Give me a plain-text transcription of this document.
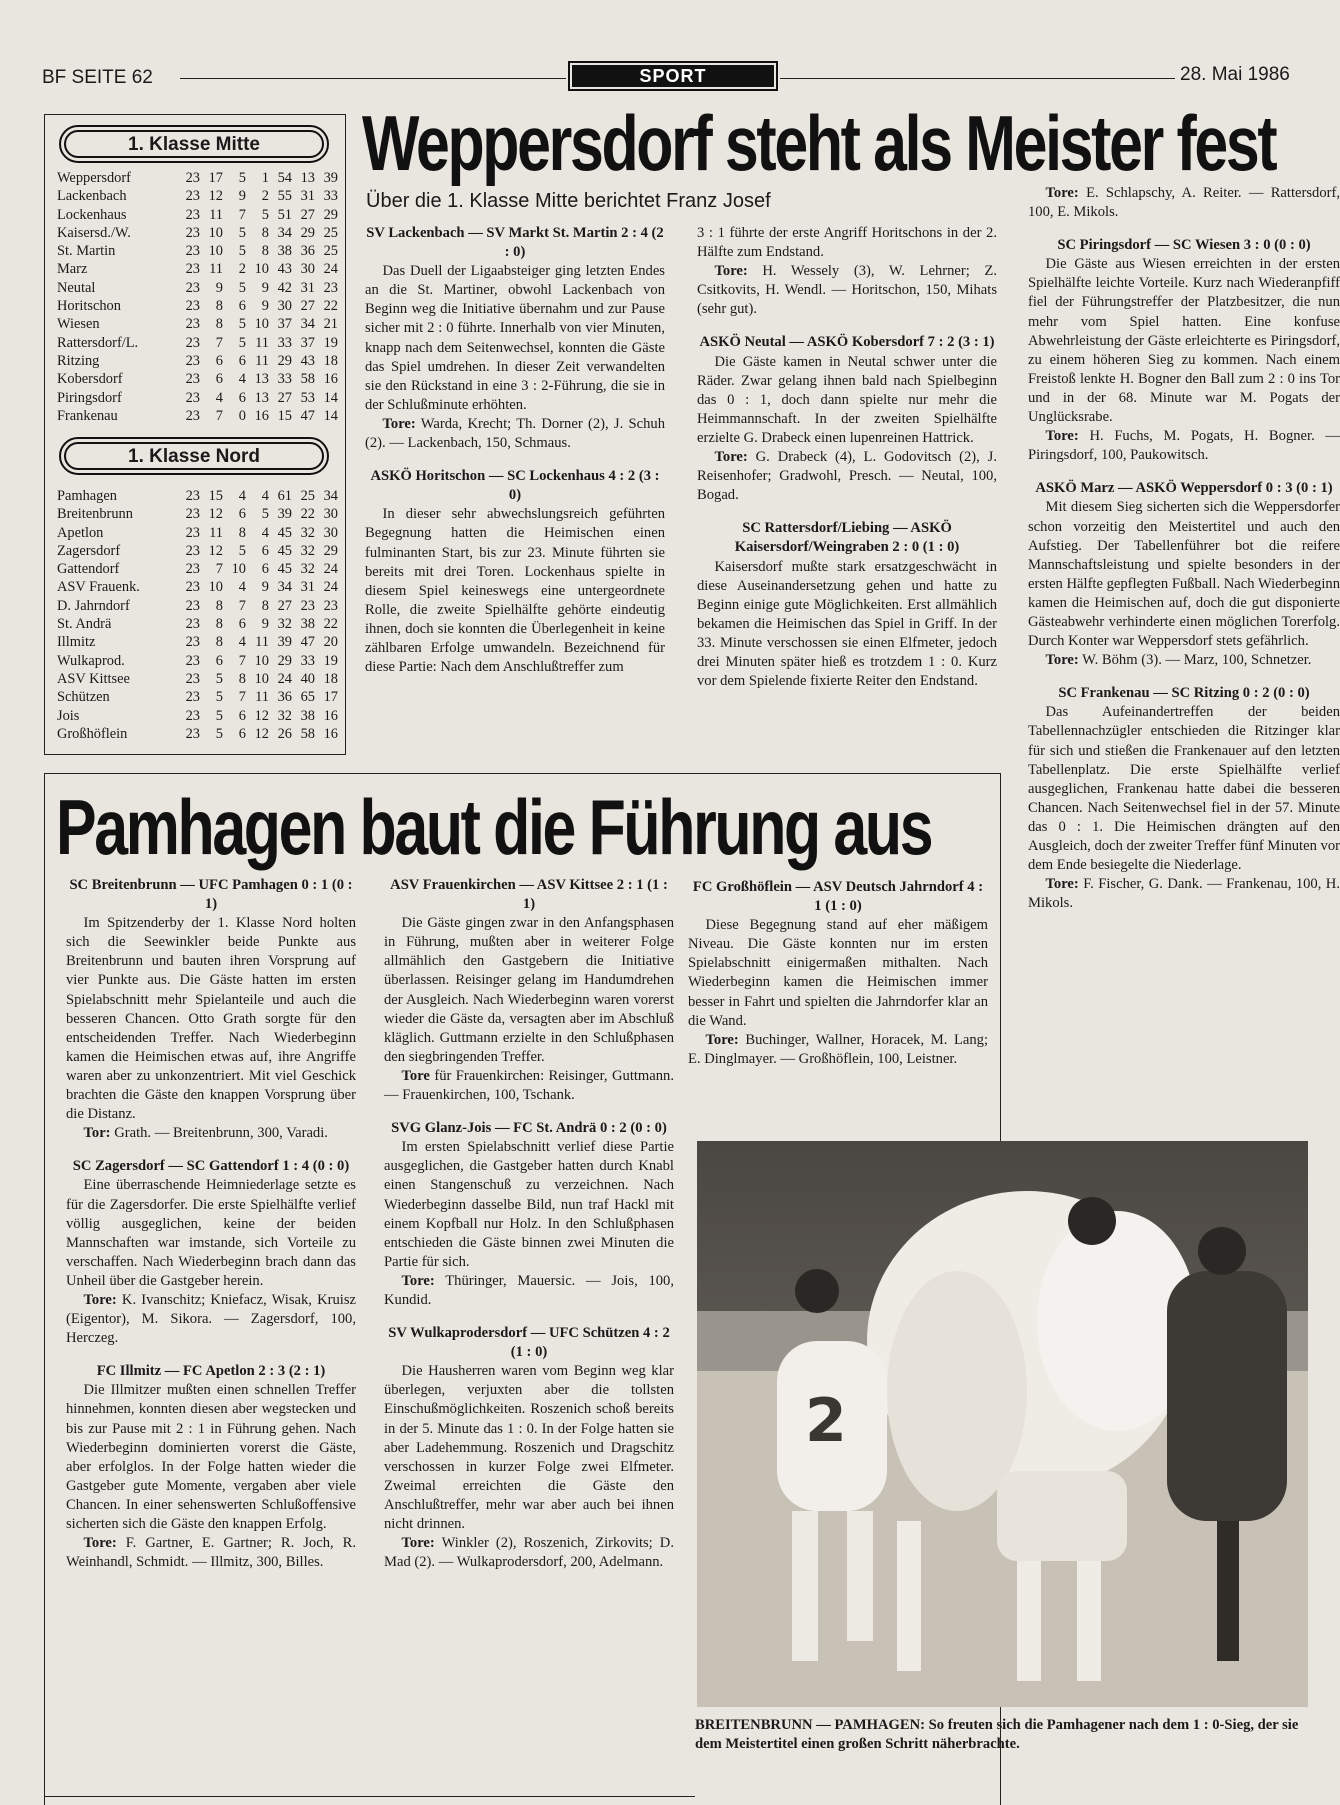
BF SEITE 62	SPORT	28. Mai 1986
1. Klasse Mitte
Weppersdorf	23	17	5	1	54	13	39
Lackenbach	23	12	9	2	55	31	33
Lockenhaus	23	11	7	5	51	27	29
Kaisersd./W.	23	10	5	8	34	29	25
St. Martin	23	10	5	8	38	36	25
Marz	23	11	2	10	43	30	24
Neutal	23	9	5	9	42	31	23
Horitschon	23	8	6	9	30	27	22
Wiesen	23	8	5	10	37	34	21
Rattersdorf/L.	23	7	5	11	33	37	19
Ritzing	23	6	6	11	29	43	18
Kobersdorf	23	6	4	13	33	58	16
Piringsdorf	23	4	6	13	27	53	14
Frankenau	23	7	0	16	15	47	14
1. Klasse Nord
Pamhagen	23	15	4	4	61	25	34
Breitenbrunn	23	12	6	5	39	22	30
Apetlon	23	11	8	4	45	32	30
Zagersdorf	23	12	5	6	45	32	29
Gattendorf	23	7	10	6	45	32	24
ASV Frauenk.	23	10	4	9	34	31	24
D. Jahrndorf	23	8	7	8	27	23	23
St. Andrä	23	8	6	9	32	38	22
Illmitz	23	8	4	11	39	47	20
Wulkaprod.	23	6	7	10	29	33	19
ASV Kittsee	23	5	8	10	24	40	18
Schützen	23	5	7	11	36	65	17
Jois	23	5	6	12	32	38	16
Großhöflein	23	5	6	12	26	58	16
Weppersdorf steht als Meister fest
Über die 1. Klasse Mitte berichtet Franz Josef
SV Lackenbach — SV Markt St. Martin 2 : 4 (2 : 0)

Das Duell der Ligaabsteiger ging letzten Endes an die St. Martiner, obwohl Lackenbach von Beginn weg die Initiative übernahm und zur Pause sicher mit 2 : 0 führte. Innerhalb von vier Minuten, knapp nach dem Seitenwechsel, konnten die Gäste das Spiel umdrehen. In dieser Zeit verwandelten sie den Rückstand in eine 3 : 2-Führung, die sie in der Schlußminute erhöhten.

Tore: Warda, Krecht; Th. Dorner (2), J. Schuh (2). — Lackenbach, 150, Schmaus.

ASKÖ Horitschon — SC Lockenhaus 4 : 2 (3 : 0)

In dieser sehr abwechslungsreich geführten Begegnung hatten die Heimischen einen fulminanten Start, bis zur 23. Minute führten sie bereits mit drei Toren. Lockenhaus spielte in diesem Spiel keineswegs eine untergeordnete Rolle, die zweite Spielhälfte gehörte eindeutig ihnen, doch sie konnten die Überlegenheit in keine zählbaren Erfolge umwandeln. Bezeichnend für diese Partie: Nach dem Anschlußtreffer zum

3 : 1 führte der erste Angriff Horitschons in der 2. Hälfte zum Endstand.

Tore: H. Wessely (3), W. Lehrner; Z. Csitkovits, H. Wendl. — Horitschon, 150, Mihats (sehr gut).

ASKÖ Neutal — ASKÖ Kobersdorf 7 : 2 (3 : 1)

Die Gäste kamen in Neutal schwer unter die Räder. Zwar gelang ihnen bald nach Spielbeginn das 0 : 1, doch dann spielte nur mehr die Heimmannschaft. In der zweiten Spielhälfte erzielte G. Drabeck einen lupenreinen Hattrick.

Tore: G. Drabeck (4), L. Godovitsch (2), J. Reisenhofer; Gradwohl, Presch. — Neutal, 100, Bogad.

SC Rattersdorf/Liebing — ASKÖ Kaisersdorf/Weingraben 2 : 0 (1 : 0)

Kaisersdorf mußte stark ersatzgeschwächt in diese Auseinandersetzung gehen und hatte zu Beginn einige gute Möglichkeiten. Erst allmählich bekamen die Heimischen das Spiel in Griff. In der 33. Minute verschossen sie einen Elfmeter, jedoch drei Minuten später hieß es trotzdem 1 : 0. Kurz vor dem Spielende fixierte Reiter den Endstand.

Tore: E. Schlapschy, A. Reiter. — Rattersdorf, 100, E. Mikols.

SC Piringsdorf — SC Wiesen 3 : 0 (0 : 0)

Die Gäste aus Wiesen erreichten in der ersten Spielhälfte leichte Vorteile. Kurz nach Wiederanpfiff fiel der Führungstreffer der Platzbesitzer, die nun mehr vom Spiel hatten. Eine konfuse Abwehrleistung der Gäste erleichterte es Piringsdorf, zu einem höheren Sieg zu kommen. Nach einem Freistoß lenkte H. Bogner den Ball zum 2 : 0 ins Tor und in der 68. Minute war M. Pogats der Unglücksrabe.

Tore: H. Fuchs, M. Pogats, H. Bogner. — Piringsdorf, 100, Paukowitsch.

ASKÖ Marz — ASKÖ Weppersdorf 0 : 3 (0 : 1)

Mit diesem Sieg sicherten sich die Weppersdorfer schon vorzeitig den Meistertitel und auch den Aufstieg. Der Tabellenführer bot die reifere Mannschaftsleistung und spielte besonders in der ersten Hälfte gepflegten Fußball. Nach Wiederbeginn kamen die Heimischen auf, doch die gut disponierte Gästeabwehr verhinderte einen möglichen Torerfolg. Durch Konter war Weppersdorf stets gefährlich.

Tore: W. Böhm (3). — Marz, 100, Schnetzer.

SC Frankenau — SC Ritzing 0 : 2 (0 : 0)

Das Aufeinandertreffen der beiden Tabellennachzügler entschieden die Ritzinger klar für sich und stießen die Frankenauer auf den letzten Tabellenplatz. Die erste Spielhälfte verlief ausgeglichen, Frankenau hatte dabei die besseren Chancen. Nach Seitenwechsel fiel in der 57. Minute das 0 : 1. Die Heimischen drängten auf den Ausgleich, doch der zweiter Treffer fünf Minuten vor dem Ende besiegelte die Niederlage.

Tore: F. Fischer, G. Dank. — Frankenau, 100, H. Mikols.

Pamhagen baut die Führung aus
SC Breitenbrunn — UFC Pamhagen 0 : 1 (0 : 1)

Im Spitzenderby der 1. Klasse Nord holten sich die Seewinkler beide Punkte aus Breitenbrunn und bauten ihren Vorsprung auf vier Punkte aus. Die Gäste hatten im ersten Spielabschnitt mehr Spielanteile und auch die besseren Chancen. Otto Grath sorgte für den entscheidenden Treffer. Nach Wiederbeginn kamen die Heimischen etwas auf, ihre Angriffe waren aber zu unkonzentriert. Mit viel Geschick brachten die Gäste den knappen Vorsprung über die Distanz.

Tor: Grath. — Breitenbrunn, 300, Varadi.

SC Zagersdorf — SC Gattendorf 1 : 4 (0 : 0)

Eine überraschende Heimniederlage setzte es für die Zagersdorfer. Die erste Spielhälfte verlief völlig ausgeglichen, keine der beiden Mannschaften war imstande, sich Vorteile zu verschaffen. Nach Wiederbeginn brach dann das Unheil über die Gastgeber herein.

Tore: K. Ivanschitz; Kniefacz, Wisak, Kruisz (Eigentor), M. Sikora. — Zagersdorf, 100, Herczeg.

FC Illmitz — FC Apetlon 2 : 3 (2 : 1)

Die Illmitzer mußten einen schnellen Treffer hinnehmen, konnten diesen aber wegstecken und bis zur Pause mit 2 : 1 in Führung gehen. Nach Wiederbeginn dominierten vorerst die Gäste, aber erfolglos. In der Folge hatten wieder die Gastgeber gute Momente, vergaben aber viele Chancen. In einer sehenswerten Schlußoffensive sicherten sich die Gäste den knappen Erfolg.

Tore: F. Gartner, E. Gartner; R. Joch, R. Weinhandl, Schmidt. — Illmitz, 300, Billes.

ASV Frauenkirchen — ASV Kittsee 2 : 1 (1 : 1)

Die Gäste gingen zwar in den Anfangsphasen in Führung, mußten aber in weiterer Folge allmählich den Gastgebern die Initiative überlassen. Reisinger gelang im Handumdrehen der Ausgleich. Nach Wiederbeginn waren vorerst wieder die Gäste da, versagten aber im Abschluß kläglich. Guttmann erzielte in den Schlußphasen den siegbringenden Treffer.

Tore für Frauenkirchen: Reisinger, Guttmann. — Frauenkirchen, 100, Tschank.

SVG Glanz-Jois — FC St. Andrä 0 : 2 (0 : 0)

Im ersten Spielabschnitt verlief diese Partie ausgeglichen, die Gastgeber hatten durch Knabl einen Stangenschuß zu verzeichnen. Nach Wiederbeginn dasselbe Bild, nun traf Hackl mit einem Kopfball nur Holz. In den Schlußphasen entschieden die Gäste binnen zwei Minuten die Partie für sich.

Tore: Thüringer, Mauersic. — Jois, 100, Kundid.

SV Wulkaprodersdorf — UFC Schützen 4 : 2 (1 : 0)

Die Hausherren waren vom Beginn weg klar überlegen, verjuxten aber die tollsten Einschußmöglichkeiten. Roszenich schoß bereits in der 5. Minute das 1 : 0. In der Folge hatten sie aber Ladehemmung. Roszenich und Dragschitz verschossen in kurzer Folge zwei Elfmeter. Zweimal erreichten die Gäste den Anschlußtreffer, mehr war aber auch bei ihnen nicht drinnen.

Tore: Winkler (2), Roszenich, Zirkovits; D. Mad (2). — Wulkaprodersdorf, 200, Adelmann.

FC Großhöflein — ASV Deutsch Jahrndorf 4 : 1 (1 : 0)

Diese Begegnung stand auf eher mäßigem Niveau. Die Gäste konnten nur im ersten Spielabschnitt einigermaßen mithalten. Nach Wiederbeginn kamen die Heimischen immer besser in Fahrt und spielten die Jahrndorfer klar an die Wand.

Tore: Buchinger, Wallner, Horacek, M. Lang; E. Dinglmayer. — Großhöflein, 100, Leistner.

2
BREITENBRUNN — PAMHAGEN: So freuten sich die Pamhagener nach dem 1 : 0-Sieg, der sie dem Meistertitel einen großen Schritt näherbrachte.
